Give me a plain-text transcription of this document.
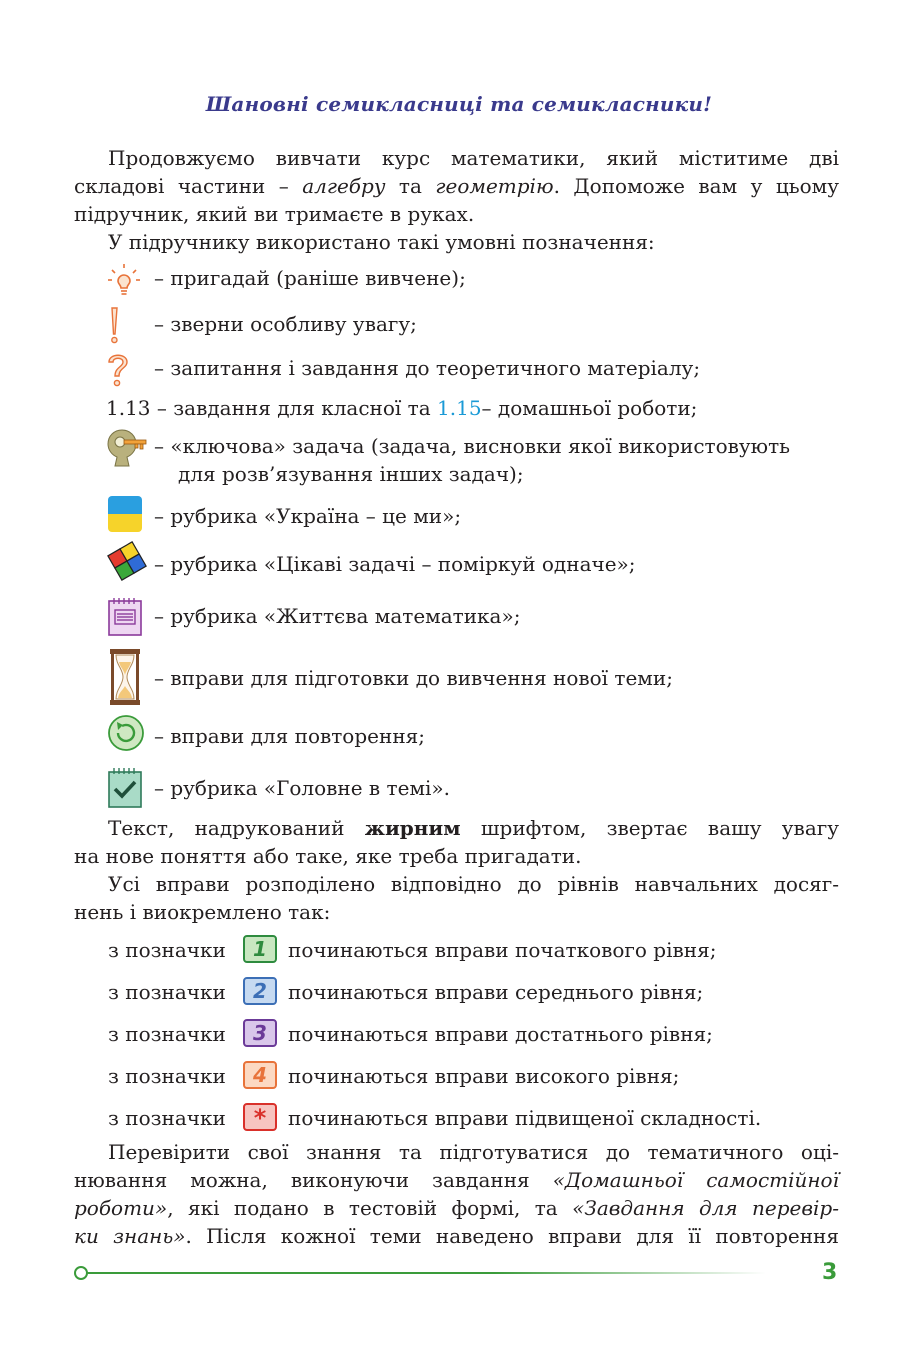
Шановні семикласниці та семикласники!
Продовжуємо вивчати курс математики, який міститиме дві
складові частини – алгебру та геометрію. Допоможе вам у цьому
підручник, який ви тримаєте в руках.
У підручнику використано такі умовні позначення:
– пригадай (раніше вивчене);
– зверни особливу увагу;
– запитання і завдання до теоретичного матеріалу;
1.13 – завдання для класної та 1.15– домашньої роботи;
– «ключова» задача (задача, висновки якої використовують
для розв’язування інших задач);
– рубрика «Україна – це ми»;
– рубрика «Цікаві задачі – поміркуй одначе»;
– рубрика «Життєва математика»;
– вправи для підготовки до вивчення нової теми;
– вправи для повторення;
– рубрика «Головне в темі».
Текст, надрукований жирним шрифтом, звертає вашу увагу
на нове поняття або таке, яке треба пригадати.
Усі вправи розподілено відповідно до рівнів навчальних досяг-
нень і виокремлено так:
з позначки	1	починаються вправи початкового рівня;
з позначки	2	починаються вправи середнього рівня;
з позначки	3	починаються вправи достатнього рівня;
з позначки	4	починаються вправи високого рівня;
з позначки	*	починаються вправи підвищеної складності.
Перевірити свої знання та підготуватися до тематичного оці-
нювання можна, виконуючи завдання «Домашньої самостійної
роботи», які подано в тестовій формі, та «Завдання для перевір-
ки знань». Після кожної теми наведено вправи для її повторення
3
